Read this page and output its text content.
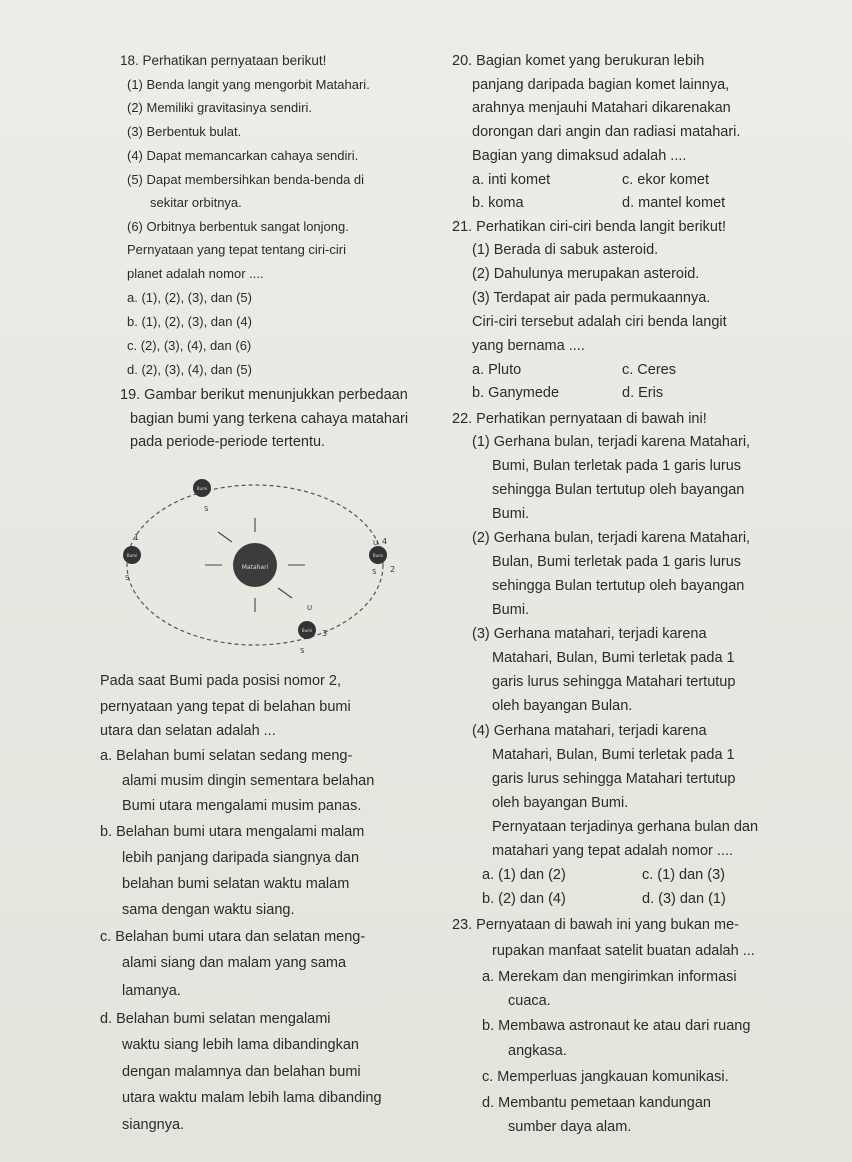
18. Perhatikan pernyataan berikut!
(1) Benda langit yang mengorbit Matahari.
(2) Memiliki gravitasinya sendiri.
(3) Berbentuk bulat.
(4) Dapat memancarkan cahaya sendiri.
(5) Dapat membersihkan benda-benda di
sekitar orbitnya.
(6) Orbitnya berbentuk sangat lonjong.
Pernyataan yang tepat tentang ciri-ciri
planet adalah nomor ....
a. (1), (2), (3), dan (5)
b. (1), (2), (3), dan (4)
c. (2), (3), (4), dan (6)
d. (2), (3), (4), dan (5)
19. Gambar berikut menunjukkan perbedaan
bagian bumi yang terkena cahaya matahari
pada periode-periode tertentu.
Matahari
1
2
3
4
S
S
S
S
U
U
Bumi
Bumi	Bumi
Bumi
Pada saat Bumi pada posisi nomor 2,
pernyataan yang tepat di belahan bumi
utara dan selatan adalah ...
a. Belahan bumi selatan sedang meng-
alami musim dingin sementara belahan
Bumi utara mengalami musim panas.
b. Belahan bumi utara mengalami malam
lebih panjang daripada siangnya dan
belahan bumi selatan waktu malam
sama dengan waktu siang.
c. Belahan bumi utara dan selatan meng-
alami siang dan malam yang sama
lamanya.
d. Belahan bumi selatan mengalami
waktu siang lebih lama dibandingkan
dengan malamnya dan belahan bumi
utara waktu malam lebih lama dibanding
siangnya.
20. Bagian komet yang berukuran lebih
panjang daripada bagian komet lainnya,
arahnya menjauhi Matahari dikarenakan
dorongan dari angin dan radiasi matahari.
Bagian yang dimaksud adalah ....
a. inti komet	c. ekor komet
b. koma	d. mantel komet
21. Perhatikan ciri-ciri benda langit berikut!
(1) Berada di sabuk asteroid.
(2) Dahulunya merupakan asteroid.
(3) Terdapat air pada permukaannya.
Ciri-ciri tersebut adalah ciri benda langit
yang bernama ....
a. Pluto	c. Ceres
b. Ganymede	d. Eris
22. Perhatikan pernyataan di bawah ini!
(1) Gerhana bulan, terjadi karena Matahari,
Bumi, Bulan terletak pada 1 garis lurus
sehingga Bulan tertutup oleh bayangan
Bumi.
(2) Gerhana bulan, terjadi karena Matahari,
Bulan, Bumi terletak pada 1 garis lurus
sehingga Bulan tertutup oleh bayangan
Bumi.
(3) Gerhana matahari, terjadi karena
Matahari, Bulan, Bumi terletak pada 1
garis lurus sehingga Matahari tertutup
oleh bayangan Bulan.
(4) Gerhana matahari, terjadi karena
Matahari, Bulan, Bumi terletak pada 1
garis lurus sehingga Matahari tertutup
oleh bayangan Bumi.
Pernyataan terjadinya gerhana bulan dan
matahari yang tepat adalah nomor ....
a. (1) dan (2)	c. (1) dan (3)
b. (2) dan (4)	d. (3) dan (1)
23. Pernyataan di bawah ini yang bukan me-
rupakan manfaat satelit buatan adalah ...
a. Merekam dan mengirimkan informasi
cuaca.
b. Membawa astronaut ke atau dari ruang
angkasa.
c. Memperluas jangkauan komunikasi.
d. Membantu pemetaan kandungan
sumber daya alam.
